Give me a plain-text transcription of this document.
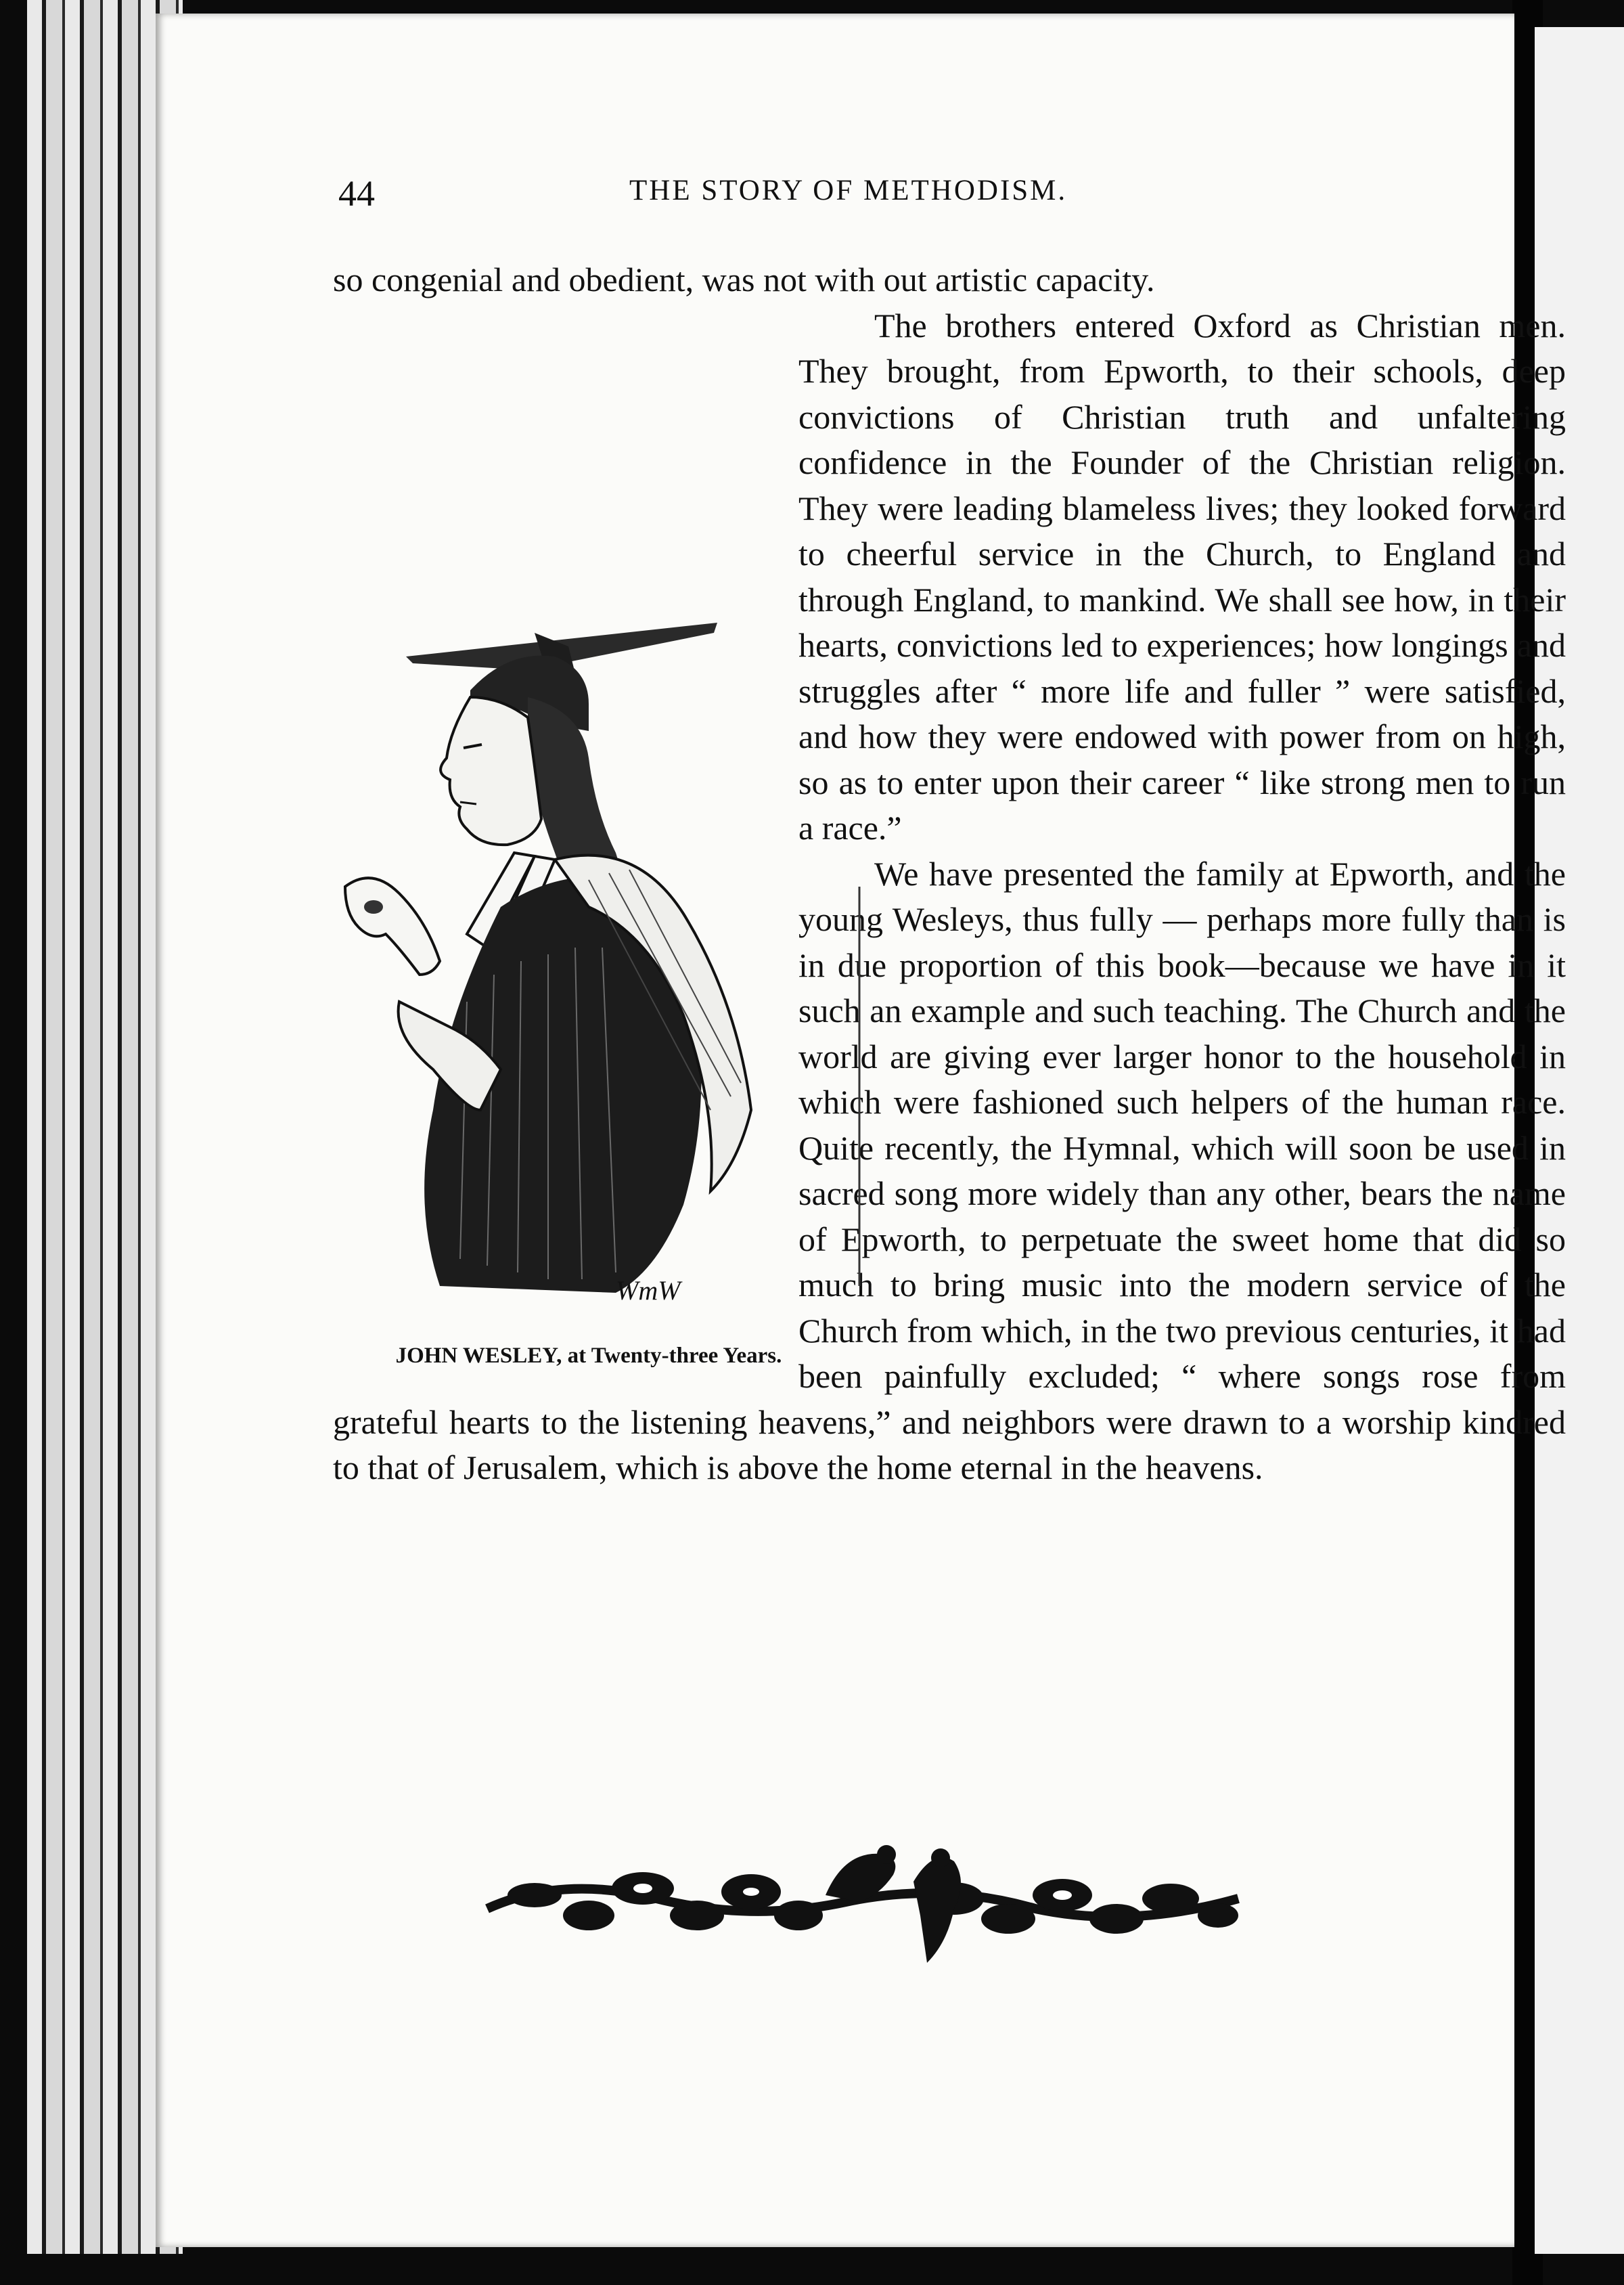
44	THE STORY OF METHODISM.

so congenial and obedient, was not with out artistic capacity.

The brothers entered Oxford as Christian men. They brought, from Epworth, to their schools, deep convictions of Christian truth and unfaltering confidence in the Founder of the Christian religion. They were leading blameless lives; they looked forward to cheerful service in the Church, to England and through England, to mankind. We shall see how, in their hearts, convictions led to experiences; how longings and struggles after “ more life and fuller ” were satisfied, and how they were endowed with power from on high, so as to enter upon their career “ like strong men to run a race.”

We have presented the family at Epworth, and the young Wesleys, thus fully — perhaps more fully than is in due proportion of this book—because we have in it such an example and such teaching. The Church and the world are giving ever larger honor to the household in which were fashioned such helpers of the human race. Quite recently, the Hymnal, which will soon be used in sacred song more widely than any other, bears the name of Epworth, to perpetuate the sweet home that did so much to bring music into the modern service of the Church from which, in the two previous centuries, it had been painfully excluded; “ where songs rose from grateful hearts to the listening heavens,” and neighbors were drawn to a worship kindred to that of Jerusalem, which is above the home eternal in the heavens.

WmW
JOHN WESLEY, at Twenty-three Years.
